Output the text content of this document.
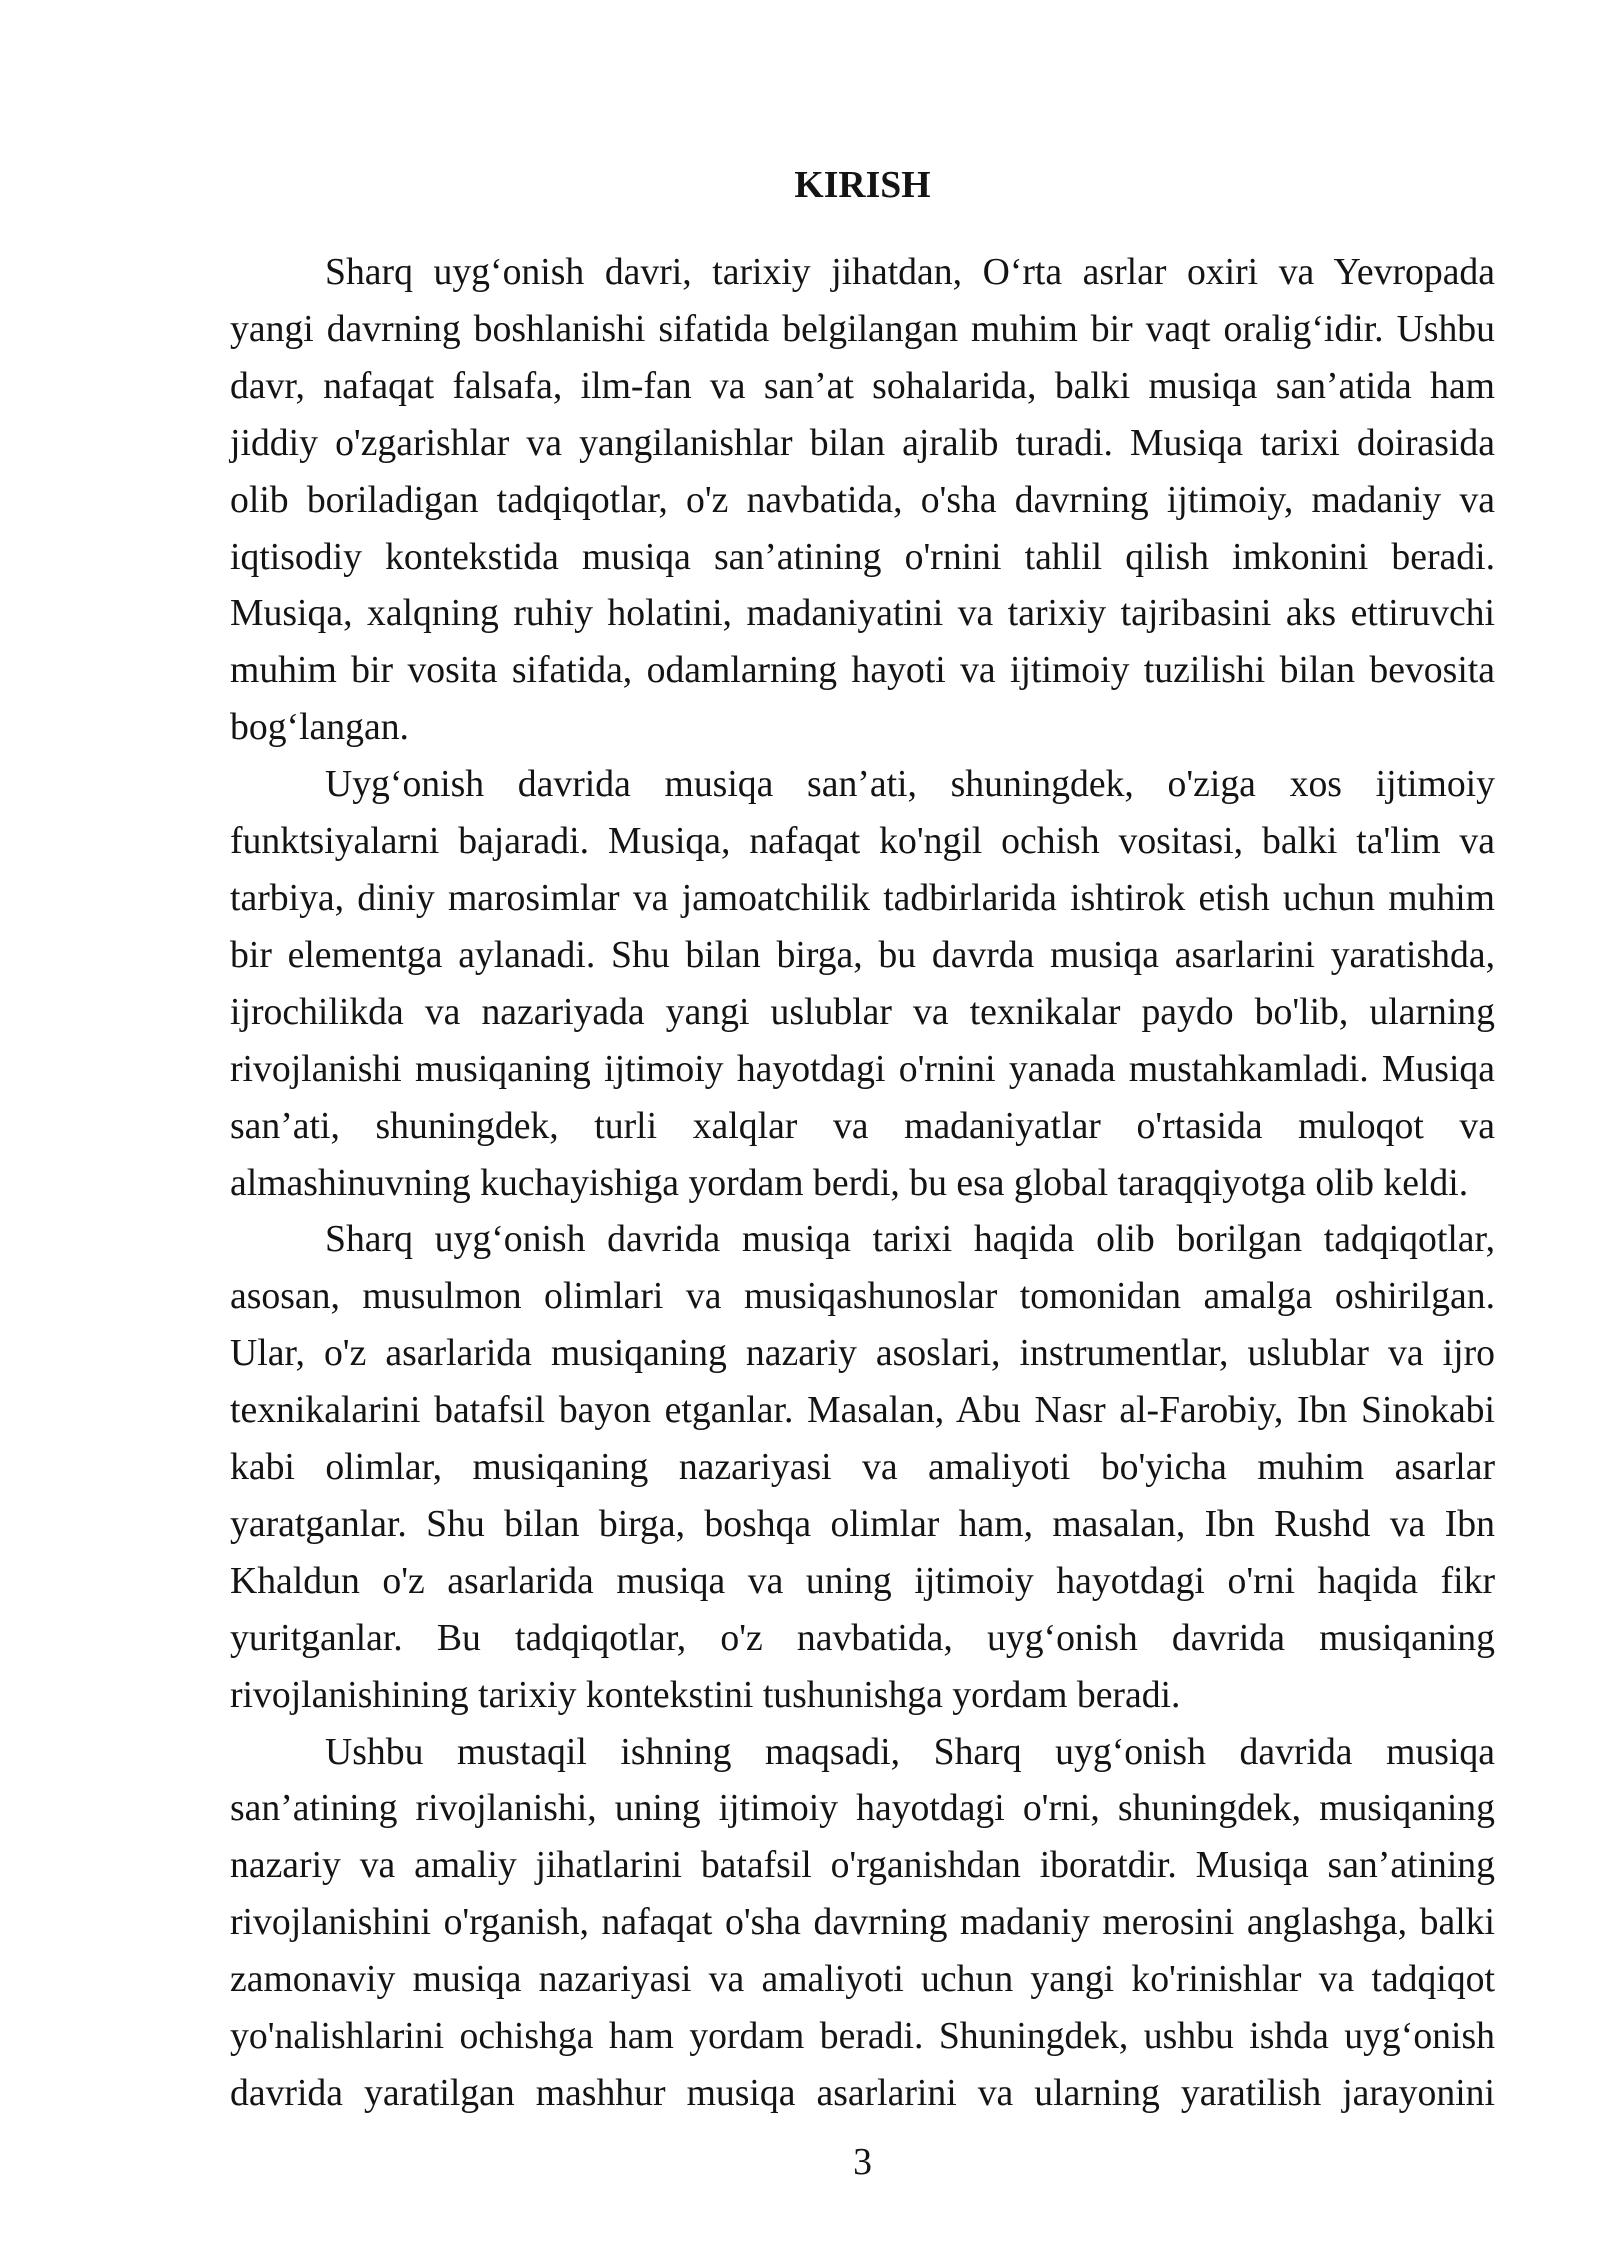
KIRISH
Sharq uyg‘onish davri, tarixiy jihatdan, O‘rta asrlar oxiri va Yevropada
yangi davrning boshlanishi sifatida belgilangan muhim bir vaqt oralig‘idir. Ushbu
davr, nafaqat falsafa, ilm-fan va san’at sohalarida, balki musiqa san’atida ham
jiddiy o'zgarishlar va yangilanishlar bilan ajralib turadi. Musiqa tarixi doirasida
olib boriladigan tadqiqotlar, o'z navbatida, o'sha davrning ijtimoiy, madaniy va
iqtisodiy kontekstida musiqa san’atining o'rnini tahlil qilish imkonini beradi.
Musiqa, xalqning ruhiy holatini, madaniyatini va tarixiy tajribasini aks ettiruvchi
muhim bir vosita sifatida, odamlarning hayoti va ijtimoiy tuzilishi bilan bevosita
bog‘langan.
Uyg‘onish davrida musiqa san’ati, shuningdek, o'ziga xos ijtimoiy
funktsiyalarni bajaradi. Musiqa, nafaqat ko'ngil ochish vositasi, balki ta'lim va
tarbiya, diniy marosimlar va jamoatchilik tadbirlarida ishtirok etish uchun muhim
bir elementga aylanadi. Shu bilan birga, bu davrda musiqa asarlarini yaratishda,
ijrochilikda va nazariyada yangi uslublar va texnikalar paydo bo'lib, ularning
rivojlanishi musiqaning ijtimoiy hayotdagi o'rnini yanada mustahkamladi. Musiqa
san’ati, shuningdek, turli xalqlar va madaniyatlar o'rtasida muloqot va
almashinuvning kuchayishiga yordam berdi, bu esa global taraqqiyotga olib keldi.
Sharq uyg‘onish davrida musiqa tarixi haqida olib borilgan tadqiqotlar,
asosan, musulmon olimlari va musiqashunoslar tomonidan amalga oshirilgan.
Ular, o'z asarlarida musiqaning nazariy asoslari, instrumentlar, uslublar va ijro
texnikalarini batafsil bayon etganlar. Masalan, Abu Nasr al-Farobiy, Ibn Sinokabi
kabi olimlar, musiqaning nazariyasi va amaliyoti bo'yicha muhim asarlar
yaratganlar. Shu bilan birga, boshqa olimlar ham, masalan, Ibn Rushd va Ibn
Khaldun o'z asarlarida musiqa va uning ijtimoiy hayotdagi o'rni haqida fikr
yuritganlar. Bu tadqiqotlar, o'z navbatida, uyg‘onish davrida musiqaning
rivojlanishining tarixiy kontekstini tushunishga yordam beradi.
Ushbu mustaqil ishning maqsadi, Sharq uyg‘onish davrida musiqa
san’atining rivojlanishi, uning ijtimoiy hayotdagi o'rni, shuningdek, musiqaning
nazariy va amaliy jihatlarini batafsil o'rganishdan iboratdir. Musiqa san’atining
rivojlanishini o'rganish, nafaqat o'sha davrning madaniy merosini anglashga, balki
zamonaviy musiqa nazariyasi va amaliyoti uchun yangi ko'rinishlar va tadqiqot
yo'nalishlarini ochishga ham yordam beradi. Shuningdek, ushbu ishda uyg‘onish
davrida yaratilgan mashhur musiqa asarlarini va ularning yaratilish jarayonini
3
